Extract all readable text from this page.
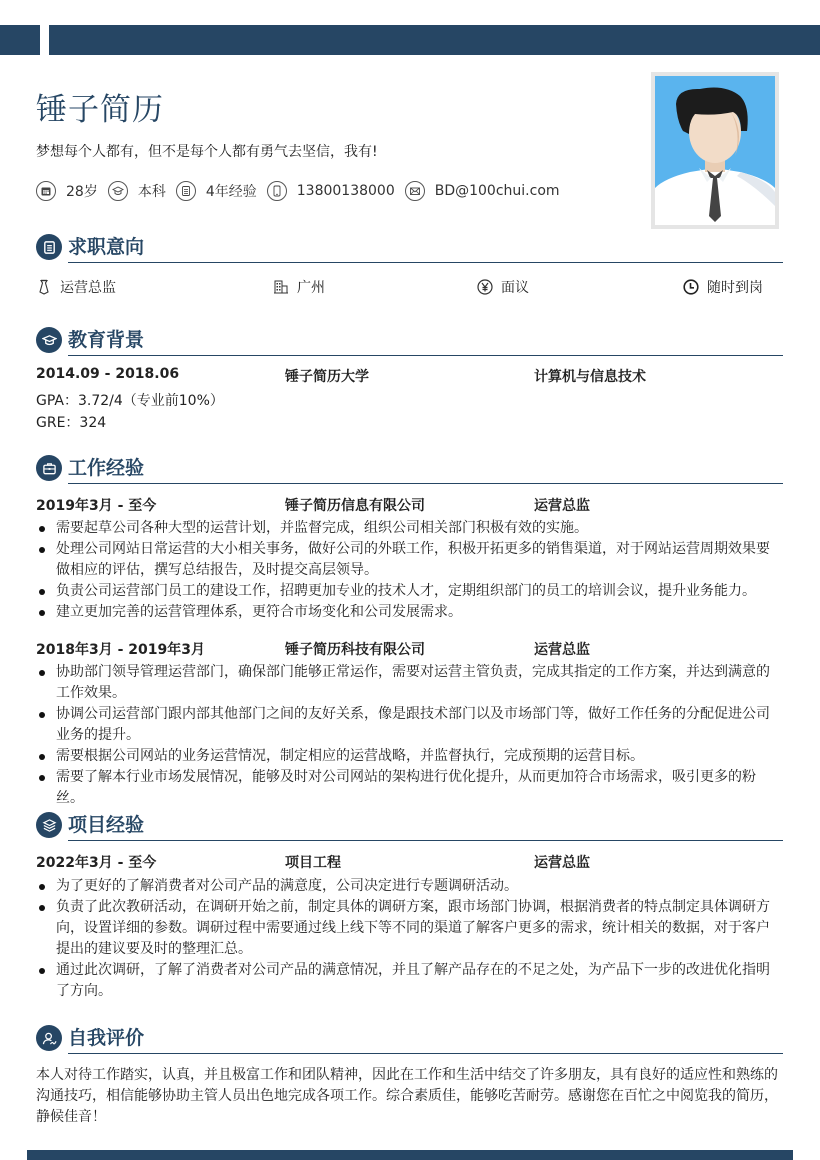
锤子简历
梦想每个人都有，但不是每个人都有勇气去坚信，我有!
28岁	本科	4年经验	13800138000	BD@100chui.com
求职意向
运营总监	广州	面议	随时到岗
教育背景
2014.09 - 2018.06	锤子简历大学	计算机与信息技术
GPA：3.72/4（专业前10%）
GRE：324
工作经验
2019年3月 - 至今	锤子简历信息有限公司	运营总监
需要起草公司各种大型的运营计划，并监督完成，组织公司相关部门积极有效的实施。
处理公司网站日常运营的大小相关事务，做好公司的外联工作，积极开拓更多的销售渠道，对于网站运营周期效果要做相应的评估，撰写总结报告，及时提交高层领导。
负责公司运营部门员工的建设工作，招聘更加专业的技术人才，定期组织部门的员工的培训会议，提升业务能力。
建立更加完善的运营管理体系，更符合市场变化和公司发展需求。
2018年3月 - 2019年3月	锤子简历科技有限公司	运营总监
协助部门领导管理运营部门，确保部门能够正常运作，需要对运营主管负责，完成其指定的工作方案，并达到满意的工作效果。
协调公司运营部门跟内部其他部门之间的友好关系，像是跟技术部门以及市场部门等，做好工作任务的分配促进公司业务的提升。
需要根据公司网站的业务运营情况，制定相应的运营战略，并监督执行，完成预期的运营目标。
需要了解本行业市场发展情况，能够及时对公司网站的架构进行优化提升，从而更加符合市场需求，吸引更多的粉丝。
项目经验
2022年3月 - 至今	项目工程	运营总监
为了更好的了解消费者对公司产品的满意度，公司决定进行专题调研活动。
负责了此次教研活动，在调研开始之前，制定具体的调研方案，跟市场部门协调，根据消费者的特点制定具体调研方向，设置详细的参数。调研过程中需要通过线上线下等不同的渠道了解客户更多的需求，统计相关的数据，对于客户提出的建议要及时的整理汇总。
通过此次调研，了解了消费者对公司产品的满意情况，并且了解产品存在的不足之处，为产品下一步的改进优化指明了方向。
自我评价
本人对待工作踏实，认真，并且极富工作和团队精神，因此在工作和生活中结交了许多朋友，具有良好的适应性和熟练的沟通技巧，相信能够协助主管人员出色地完成各项工作。综合素质佳，能够吃苦耐劳。感谢您在百忙之中阅览我的简历，静候佳音！
